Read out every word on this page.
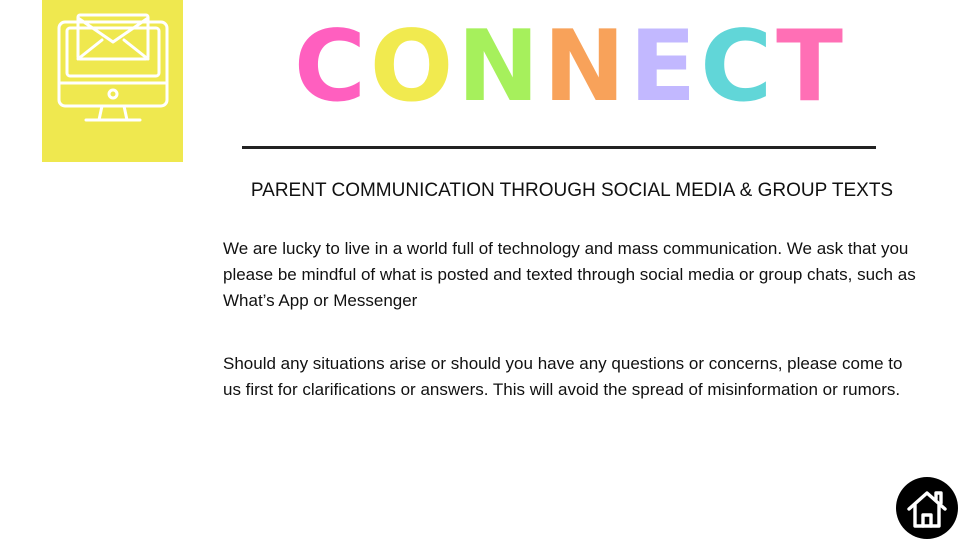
CONNECT
PARENT COMMUNICATION THROUGH SOCIAL MEDIA & GROUP TEXTS

We are lucky to live in a world full of technology and mass communication. We ask that you please be mindful of what is posted and texted through social media or group chats, such as What’s App or Messenger

Should any situations arise or should you have any questions or concerns, please come to us first for clarifications or answers. This will avoid the spread of misinformation or rumors.
